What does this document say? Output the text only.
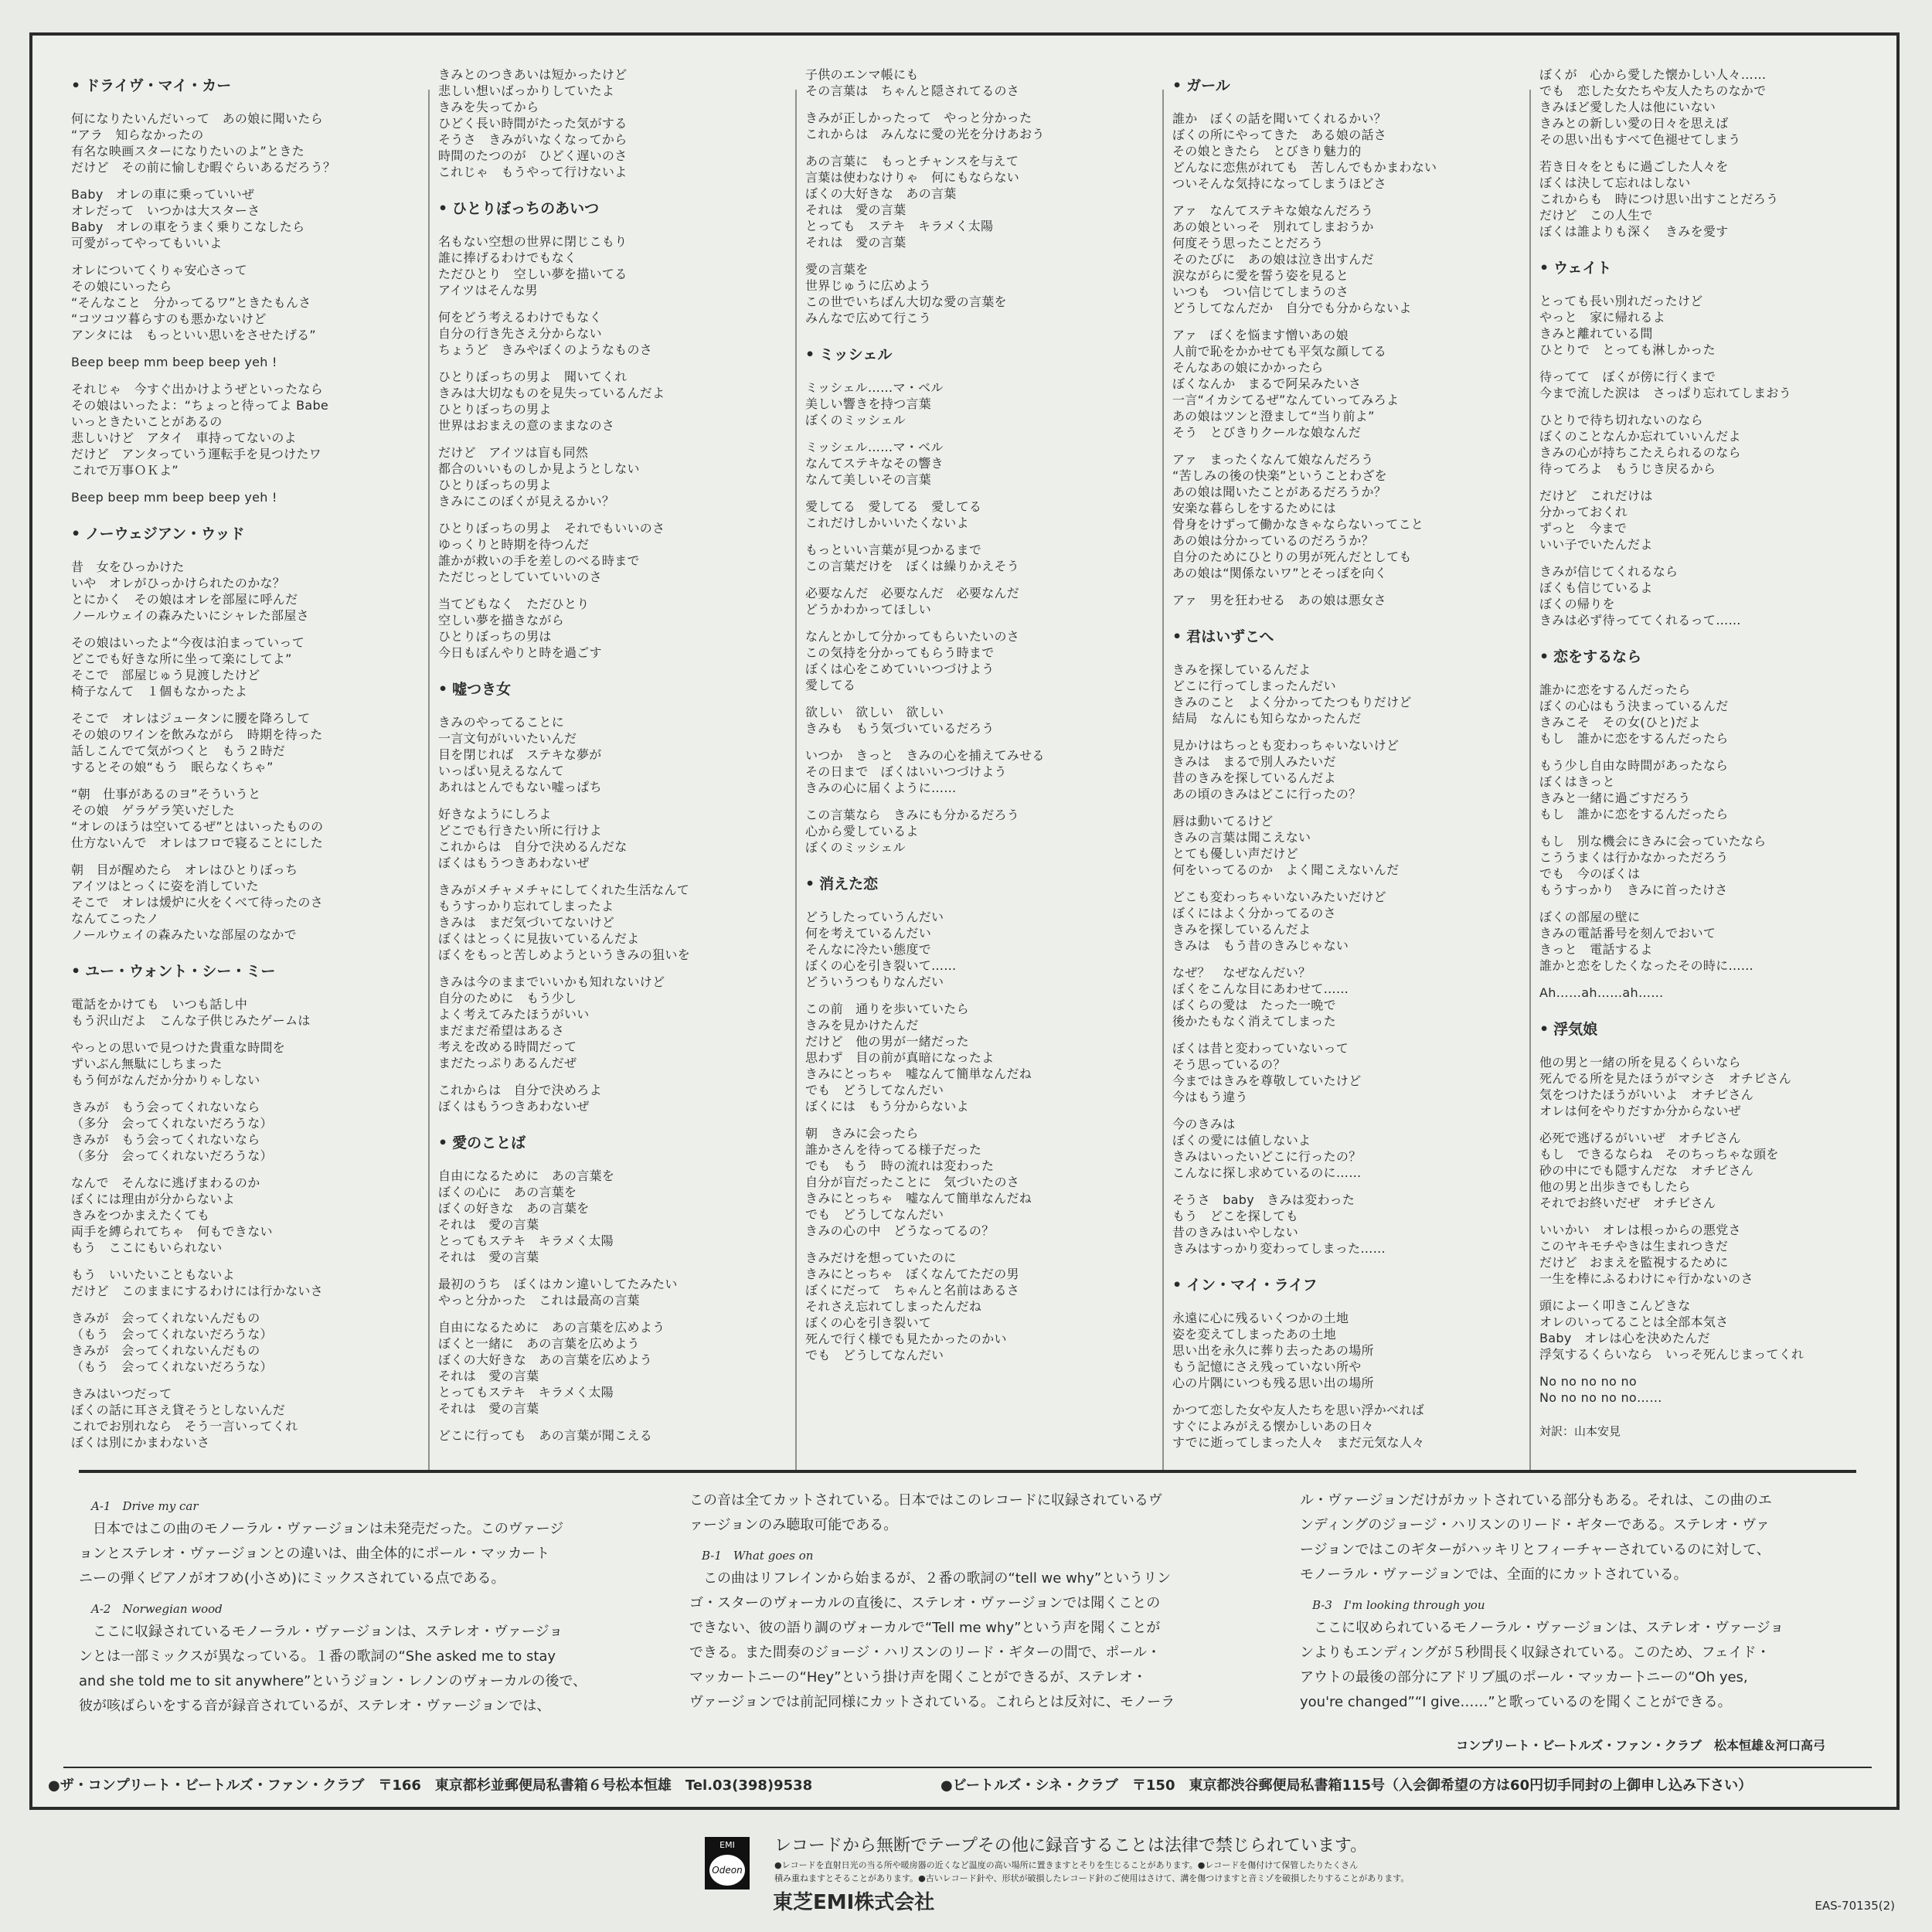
• ドライヴ・マイ・カー
何になりたいんだいって　あの娘に聞いたら
“アラ　知らなかったの
有名な映画スターになりたいのよ”ときた
だけど　その前に愉しむ暇ぐらいあるだろう？
Baby　オレの車に乗っていいぜ
オレだって　いつかは大スターさ
Baby　オレの車をうまく乗りこなしたら
可愛がってやってもいいよ
オレについてくりゃ安心さって
その娘にいったら
“そんなこと　分かってるワ”ときたもんさ
“コツコツ暮らすのも悪かないけど
アンタには　もっといい思いをさせたげる”
Beep beep mm beep beep yeh !
それじゃ　今すぐ出かけようぜといったなら
その娘はいったよ：“ちょっと待ってよ Babe
いっときたいことがあるの
悲しいけど　アタイ　車持ってないのよ
だけど　アンタっていう運転手を見つけたワ
これで万事ＯＫよ”
Beep beep mm beep beep yeh !
• ノーウェジアン・ウッド
昔　女をひっかけた
いや　オレがひっかけられたのかな？
とにかく　その娘はオレを部屋に呼んだ
ノールウェイの森みたいにシャレた部屋さ
その娘はいったよ“今夜は泊まっていって
どこでも好きな所に坐って楽にしてよ”
そこで　部屋じゅう見渡したけど
椅子なんて　１個もなかったよ
そこで　オレはジュータンに腰を降ろして
その娘のワインを飲みながら　時期を待った
話しこんでて気がつくと　もう２時だ
するとその娘“もう　眠らなくちゃ”
“朝　仕事があるのヨ”そういうと
その娘　ゲラゲラ笑いだした
“オレのほうは空いてるぜ”とはいったものの
仕方ないんで　オレはフロで寝ることにした
朝　目が醒めたら　オレはひとりぼっち
アイツはとっくに姿を消していた
そこで　オレは煖炉に火をくべて待ったのさ
なんてこったノ
ノールウェイの森みたいな部屋のなかで
• ユー・ウォント・シー・ミー
電話をかけても　いつも話し中
もう沢山だよ　こんな子供じみたゲームは
やっとの思いで見つけた貴重な時間を
ずいぶん無駄にしちまった
もう何がなんだか分かりゃしない
きみが　もう会ってくれないなら
（多分　会ってくれないだろうな）
きみが　もう会ってくれないなら
（多分　会ってくれないだろうな）
なんで　そんなに逃げまわるのか
ぼくには理由が分からないよ
きみをつかまえたくても
両手を縛られてちゃ　何もできない
もう　ここにもいられない
もう　いいたいこともないよ
だけど　このままにするわけには行かないさ
きみが　会ってくれないんだもの
（もう　会ってくれないだろうな）
きみが　会ってくれないんだもの
（もう　会ってくれないだろうな）
きみはいつだって
ぼくの話に耳さえ貸そうとしないんだ
これでお別れなら　そう一言いってくれ
ぼくは別にかまわないさ
きみとのつきあいは短かったけど
悲しい想いばっかりしていたよ
きみを失ってから
ひどく長い時間がたった気がする
そうさ　きみがいなくなってから
時間のたつのが　ひどく遅いのさ
これじゃ　もうやって行けないよ
• ひとりぼっちのあいつ
名もない空想の世界に閉じこもり
誰に捧げるわけでもなく
ただひとり　空しい夢を描いてる
アイツはそんな男
何をどう考えるわけでもなく
自分の行き先さえ分からない
ちょうど　きみやぼくのようなものさ
ひとりぼっちの男よ　聞いてくれ
きみは大切なものを見失っているんだよ
ひとりぼっちの男よ
世界はおまえの意のままなのさ
だけど　アイツは盲も同然
都合のいいものしか見ようとしない
ひとりぼっちの男よ
きみにこのぼくが見えるかい？
ひとりぼっちの男よ　それでもいいのさ
ゆっくりと時期を待つんだ
誰かが救いの手を差しのべる時まで
ただじっとしていていいのさ
当てどもなく　ただひとり
空しい夢を描きながら
ひとりぼっちの男は
今日もぼんやりと時を過ごす
• 嘘つき女
きみのやってることに
一言文句がいいたいんだ
目を閉じれば　ステキな夢が
いっぱい見えるなんて
あれはとんでもない嘘っぱち
好きなようにしろよ
どこでも行きたい所に行けよ
これからは　自分で決めるんだな
ぼくはもうつきあわないぜ
きみがメチャメチャにしてくれた生活なんて
もうすっかり忘れてしまったよ
きみは　まだ気づいてないけど
ぼくはとっくに見抜いているんだよ
ぼくをもっと苦しめようというきみの狙いを
きみは今のままでいいかも知れないけど
自分のために　もう少し
よく考えてみたほうがいい
まだまだ希望はあるさ
考えを改める時間だって
まだたっぷりあるんだぜ
これからは　自分で決めろよ
ぼくはもうつきあわないぜ
• 愛のことば
自由になるために　あの言葉を
ぼくの心に　あの言葉を
ぼくの好きな　あの言葉を
それは　愛の言葉
とってもステキ　キラメく太陽
それは　愛の言葉
最初のうち　ぼくはカン違いしてたみたい
やっと分かった　これは最高の言葉
自由になるために　あの言葉を広めよう
ぼくと一緒に　あの言葉を広めよう
ぼくの大好きな　あの言葉を広めよう
それは　愛の言葉
とってもステキ　キラメく太陽
それは　愛の言葉
どこに行っても　あの言葉が聞こえる
子供のエンマ帳にも
その言葉は　ちゃんと隠されてるのさ
きみが正しかったって　やっと分かった
これからは　みんなに愛の光を分けあおう
あの言葉に　もっとチャンスを与えて
言葉は使わなけりゃ　何にもならない
ぼくの大好きな　あの言葉
それは　愛の言葉
とっても　ステキ　キラメく太陽
それは　愛の言葉
愛の言葉を
世界じゅうに広めよう
この世でいちばん大切な愛の言葉を
みんなで広めて行こう
• ミッシェル
ミッシェル……マ・ベル
美しい響きを持つ言葉
ぼくのミッシェル
ミッシェル……マ・ベル
なんてステキなその響き
なんて美しいその言葉
愛してる　愛してる　愛してる
これだけしかいいたくないよ
もっといい言葉が見つかるまで
この言葉だけを　ぼくは繰りかえそう
必要なんだ　必要なんだ　必要なんだ
どうかわかってほしい
なんとかして分かってもらいたいのさ
この気持を分かってもらう時まで
ぼくは心をこめていいつづけよう
愛してる
欲しい　欲しい　欲しい
きみも　もう気づいているだろう
いつか　きっと　きみの心を捕えてみせる
その日まで　ぼくはいいつづけよう
きみの心に届くように……
この言葉なら　きみにも分かるだろう
心から愛しているよ
ぼくのミッシェル
• 消えた恋
どうしたっていうんだい
何を考えているんだい
そんなに冷たい態度で
ぼくの心を引き裂いて……
どういうつもりなんだい
この前　通りを歩いていたら
きみを見かけたんだ
だけど　他の男が一緒だった
思わず　目の前が真暗になったよ
きみにとっちゃ　嘘なんて簡単なんだね
でも　どうしてなんだい
ぼくには　もう分からないよ
朝　きみに会ったら
誰かさんを待ってる様子だった
でも　もう　時の流れは変わった
自分が盲だったことに　気づいたのさ
きみにとっちゃ　嘘なんて簡単なんだね
でも　どうしてなんだい
きみの心の中　どうなってるの？
きみだけを想っていたのに
きみにとっちゃ　ぼくなんてただの男
ぼくにだって　ちゃんと名前はあるさ
それさえ忘れてしまったんだね
ぼくの心を引き裂いて
死んで行く様でも見たかったのかい
でも　どうしてなんだい
• ガール
誰か　ぼくの話を聞いてくれるかい？
ぼくの所にやってきた　ある娘の話さ
その娘ときたら　とびきり魅力的
どんなに恋焦がれても　苦しんでもかまわない
ついそんな気持になってしまうほどさ
アァ　なんてステキな娘なんだろう
あの娘といっそ　別れてしまおうか
何度そう思ったことだろう
そのたびに　あの娘は泣き出すんだ
涙ながらに愛を誓う姿を見ると
いつも　つい信じてしまうのさ
どうしてなんだか　自分でも分からないよ
アァ　ぼくを悩ます憎いあの娘
人前で恥をかかせても平気な顔してる
そんなあの娘にかかったら
ぼくなんか　まるで阿呆みたいさ
一言“イカシてるぜ”なんていってみろよ
あの娘はツンと澄まして“当り前よ”
そう　とびきりクールな娘なんだ
アァ　まったくなんて娘なんだろう
“苦しみの後の快楽”ということわざを
あの娘は聞いたことがあるだろうか？
安楽な暮らしをするためには
骨身をけずって働かなきゃならないってこと
あの娘は分かっているのだろうか？
自分のためにひとりの男が死んだとしても
あの娘は“関係ないワ”とそっぽを向く
アァ　男を狂わせる　あの娘は悪女さ
• 君はいずこへ
きみを探しているんだよ
どこに行ってしまったんだい
きみのこと　よく分かってたつもりだけど
結局　なんにも知らなかったんだ
見かけはちっとも変わっちゃいないけど
きみは　まるで別人みたいだ
昔のきみを探しているんだよ
あの頃のきみはどこに行ったの？
唇は動いてるけど
きみの言葉は聞こえない
とても優しい声だけど
何をいってるのか　よく聞こえないんだ
どこも変わっちゃいないみたいだけど
ぼくにはよく分かってるのさ
きみを探しているんだよ
きみは　もう昔のきみじゃない
なぜ？　なぜなんだい？
ぼくをこんな目にあわせて……
ぼくらの愛は　たった一晩で
後かたもなく消えてしまった
ぼくは昔と変わっていないって
そう思っているの？
今まではきみを尊敬していたけど
今はもう違う
今のきみは
ぼくの愛には値しないよ
きみはいったいどこに行ったの？
こんなに探し求めているのに……
そうさ　baby　きみは変わった
もう　どこを探しても
昔のきみはいやしない
きみはすっかり変わってしまった……
• イン・マイ・ライフ
永遠に心に残るいくつかの土地
姿を変えてしまったあの土地
思い出を永久に葬り去ったあの場所
もう記憶にさえ残っていない所や
心の片隅にいつも残る思い出の場所
かつて恋した女や友人たちを思い浮かべれば
すぐによみがえる懐かしいあの日々
すでに逝ってしまった人々　まだ元気な人々
ぼくが　心から愛した懐かしい人々……
でも　恋した女たちや友人たちのなかで
きみほど愛した人は他にいない
きみとの新しい愛の日々を思えば
その思い出もすべて色褪せてしまう
若き日々をともに過ごした人々を
ぼくは決して忘れはしない
これからも　時につけ思い出すことだろう
だけど　この人生で
ぼくは誰よりも深く　きみを愛す
• ウェイト
とっても長い別れだったけど
やっと　家に帰れるよ
きみと離れている間
ひとりで　とっても淋しかった
待ってて　ぼくが傍に行くまで
今まで流した涙は　さっぱり忘れてしまおう
ひとりで待ち切れないのなら
ぼくのことなんか忘れていいんだよ
きみの心が持ちこたえられるのなら
待ってろよ　もうじき戻るから
だけど　これだけは
分かっておくれ
ずっと　今まで
いい子でいたんだよ
きみが信じてくれるなら
ぼくも信じているよ
ぼくの帰りを
きみは必ず待っててくれるって……
• 恋をするなら
誰かに恋をするんだったら
ぼくの心はもう決まっているんだ
きみこそ　その女(ひと)だよ
もし　誰かに恋をするんだったら
もう少し自由な時間があったなら
ぼくはきっと
きみと一緒に過ごすだろう
もし　誰かに恋をするんだったら
もし　別な機会にきみに会っていたなら
こううまくは行かなかっただろう
でも　今のぼくは
もうすっかり　きみに首ったけさ
ぼくの部屋の壁に
きみの電話番号を刻んでおいて
きっと　電話するよ
誰かと恋をしたくなったその時に……
Ah……ah……ah……
• 浮気娘
他の男と一緒の所を見るくらいなら
死んでる所を見たほうがマシさ　オチビさん
気をつけたほうがいいよ　オチビさん
オレは何をやりだすか分からないぜ
必死で逃げるがいいぜ　オチビさん
もし　できるならね　そのちっちゃな頭を
砂の中にでも隠すんだな　オチビさん
他の男と出歩きでもしたら
それでお終いだぜ　オチビさん
いいかい　オレは根っからの悪党さ
このヤキモチやきは生まれつきだ
だけど　おまえを監視するために
一生を棒にふるわけにゃ行かないのさ
頭によーく叩きこんどきな
オレのいってることは全部本気さ
Baby　オレは心を決めたんだ
浮気するくらいなら　いっそ死んじまってくれ
No no no no no
No no no no no……
対訳：山本安見
A-1　Drive my car
　日本ではこの曲のモノーラル・ヴァージョンは未発売だった。このヴァージ
ョンとステレオ・ヴァージョンとの違いは、曲全体的にポール・マッカート
ニーの弾くピアノがオフめ(小さめ)にミックスされている点である。
A-2　Norwegian wood
　ここに収録されているモノーラル・ヴァージョンは、ステレオ・ヴァージョ
ンとは一部ミックスが異なっている。１番の歌詞の“She asked me to stay
and she told me to sit anywhere”というジョン・レノンのヴォーカルの後で、
彼が咳ばらいをする音が録音されているが、ステレオ・ヴァージョンでは、
この音は全てカットされている。日本ではこのレコードに収録されているヴ
ァージョンのみ聴取可能である。
B-1　What goes on
　この曲はリフレインから始まるが、２番の歌詞の“tell we why”というリン
ゴ・スターのヴォーカルの直後に、ステレオ・ヴァージョンでは聞くことの
できない、彼の語り調のヴォーカルで“Tell me why”という声を聞くことが
できる。また間奏のジョージ・ハリスンのリード・ギターの間で、ポール・
マッカートニーの“Hey”という掛け声を聞くことができるが、ステレオ・
ヴァージョンでは前記同様にカットされている。これらとは反対に、モノーラ
ル・ヴァージョンだけがカットされている部分もある。それは、この曲のエ
ンディングのジョージ・ハリスンのリード・ギターである。ステレオ・ヴァ
ージョンではこのギターがハッキリとフィーチャーされているのに対して、
モノーラル・ヴァージョンでは、全面的にカットされている。
B-3　I'm looking through you
　ここに収められているモノーラル・ヴァージョンは、ステレオ・ヴァージョ
ンよりもエンディングが５秒間長く収録されている。このため、フェイド・
アウトの最後の部分にアドリブ風のポール・マッカートニーの“Oh yes,
you're changed”“I give……”と歌っているのを聞くことができる。
コンプリート・ビートルズ・ファン・クラブ　松本恒雄＆河口高弓
●ザ・コンプリート・ビートルズ・ファン・クラブ　〒166　東京都杉並郵便局私書箱６号松本恒雄　Tel.03(398)9538	●ビートルズ・シネ・クラブ　〒150　東京都渋谷郵便局私書箱115号（入会御希望の方は60円切手同封の上御申し込み下さい）
EMI
Odeon
レコードから無断でテープその他に録音することは法律で禁じられています。
●レコードを直射日光の当る所や暖房器の近くなど温度の高い場所に置きますとそりを生じることがあります。●レコードを傷付けて保管したりたくさん
積み重ねますとそることがあります。●古いレコード針や、形状が破損したレコード針のご使用はさけて、溝を傷つけますと音ミゾを破損したりすることがあります。
東芝EMI株式会社	EAS-70135(2)
